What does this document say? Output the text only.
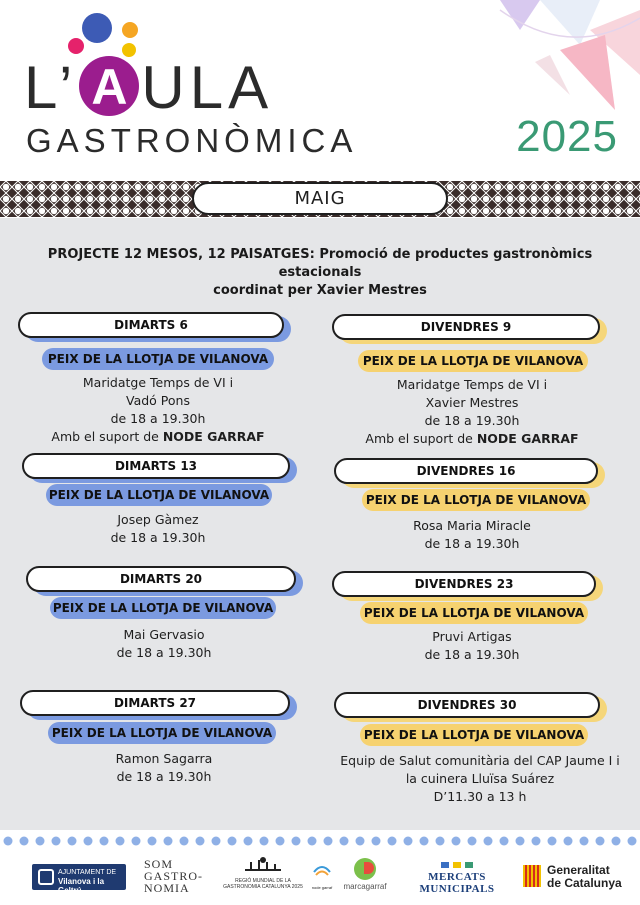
L’ A ULA
GASTRONÒMICA	2025
MAIG
PROJECTE 12 MESOS, 12 PAISATGES: Promoció de productes gastronòmics estacionals
coordinat per Xavier Mestres
DIMARTS 6
PEIX DE LA LLOTJA DE VILANOVA
Maridatge Temps de VI i
Vadó Pons
de 18 a 19.30h
Amb el suport de NODE GARRAF
DIVENDRES 9
PEIX DE LA LLOTJA DE VILANOVA
Maridatge Temps de VI i
Xavier Mestres
de 18 a 19.30h
Amb el suport de NODE GARRAF
DIMARTS 13
PEIX DE LA LLOTJA DE VILANOVA
Josep Gàmez
de 18 a 19.30h
DIVENDRES 16
PEIX DE LA LLOTJA DE VILANOVA
Rosa Maria Miracle
de 18 a 19.30h
DIMARTS 20
PEIX DE LA LLOTJA DE VILANOVA
Mai Gervasio
de 18 a 19.30h
DIVENDRES 23
PEIX DE LA LLOTJA DE VILANOVA
Pruvi Artigas
de 18 a 19.30h
DIMARTS 27
PEIX DE LA LLOTJA DE VILANOVA
Ramon Sagarra
de 18 a 19.30h
DIVENDRES 30
PEIX DE LA LLOTJA DE VILANOVA
Equip de Salut comunitària del CAP Jaume I i
la cuinera Lluïsa Suárez
D’11.30 a 13 h
AJUNTAMENT DE
Vilanova i la Geltrú
SOM
GASTRO-
NOMIA	REGIÓ MUNDIAL DE LA GASTRONOMIA CATALUNYA 2025	node garraf	marcagarraf
MERCATS MUNICIPALS
Generalitat
de Catalunya
